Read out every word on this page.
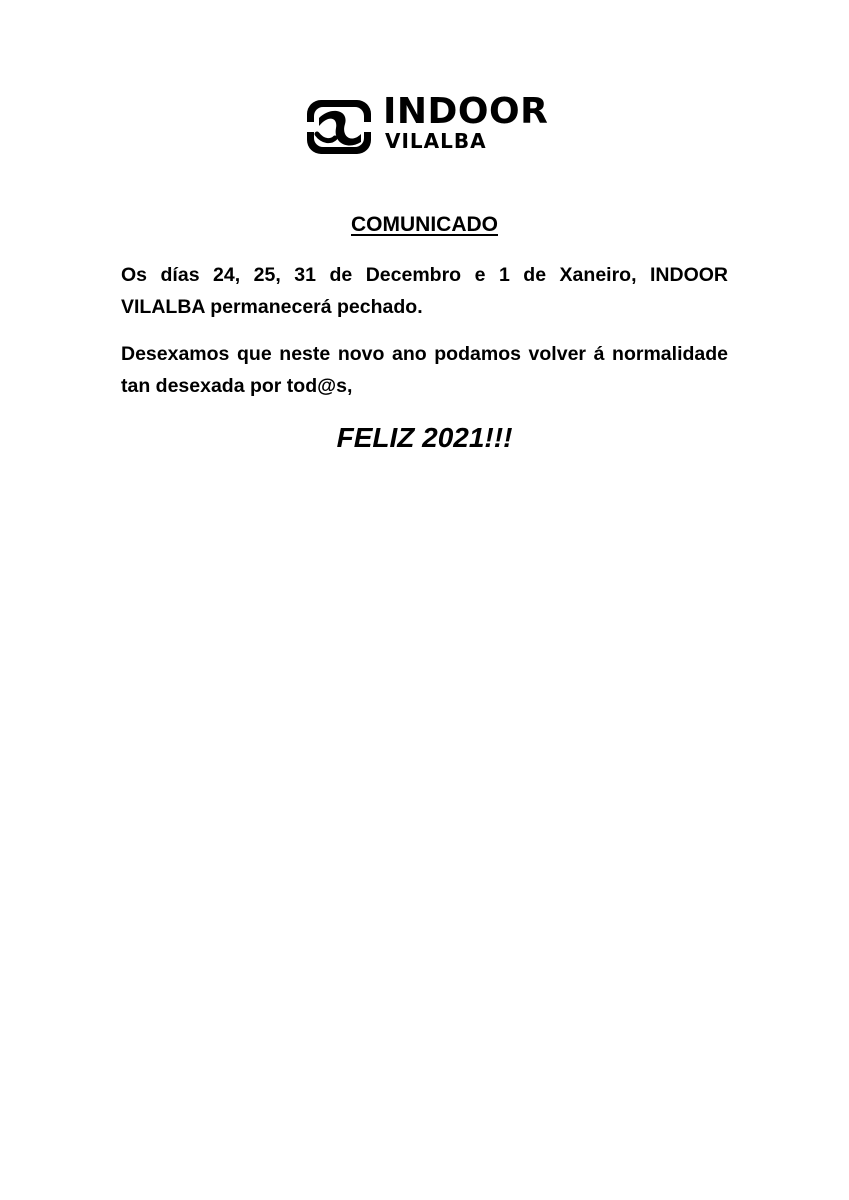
INDOOR
VILALBA
COMUNICADO
Os días 24, 25, 31 de Decembro e 1 de Xaneiro, INDOOR VILALBA permanecerá pechado.
Desexamos que neste novo ano podamos volver á normalidade tan desexada por tod@s,
FELIZ 2021!!!
